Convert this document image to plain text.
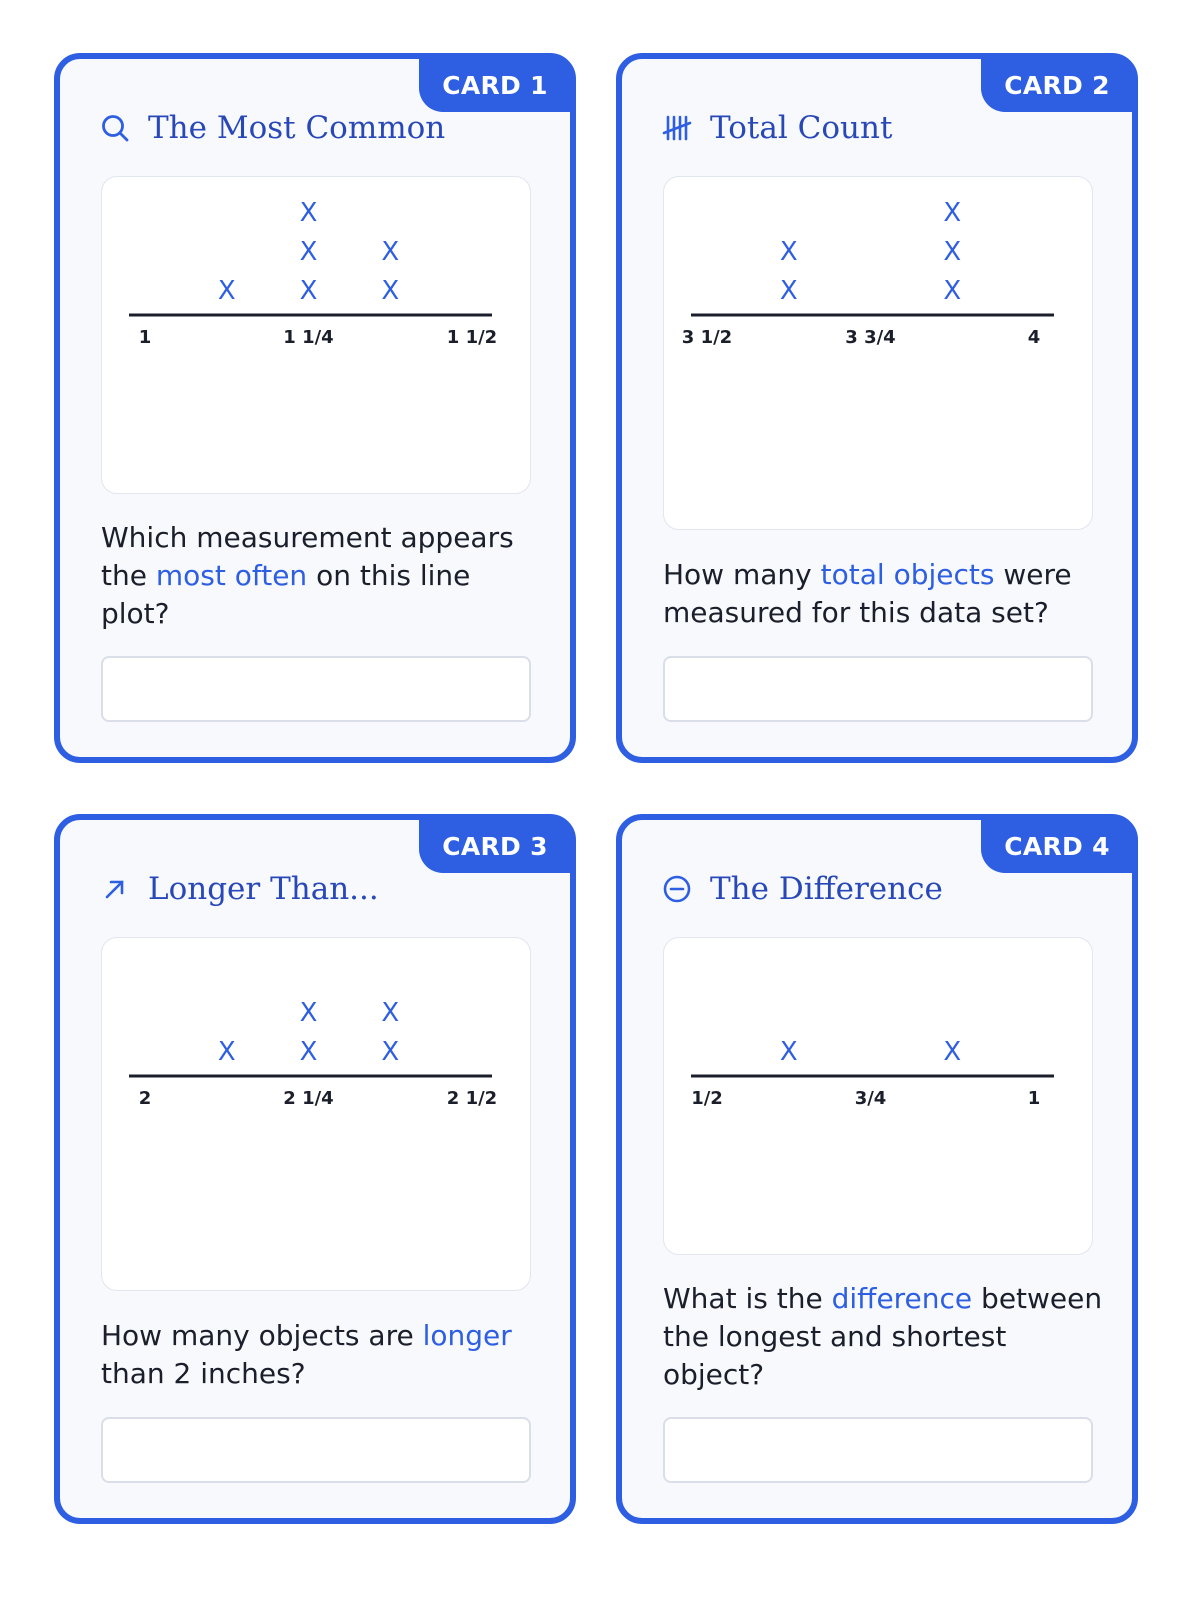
CARD 1
The Most Common
1	1 1/4	1 1/2
X X
X
X
X
X
Which measurement appears the most often on this line plot?
CARD 2
Total Count
3 1/2	3 3/4	4
X
X
X
X
X
How many total objects were measured for this data set?
CARD 3
Longer Than...
2	2 1/4	2 1/2
X X
X
X
X
How many objects are longer than 2 inches?
CARD 4
The Difference
1/2	3/4	1
X	X
What is the difference between the longest and shortest object?
